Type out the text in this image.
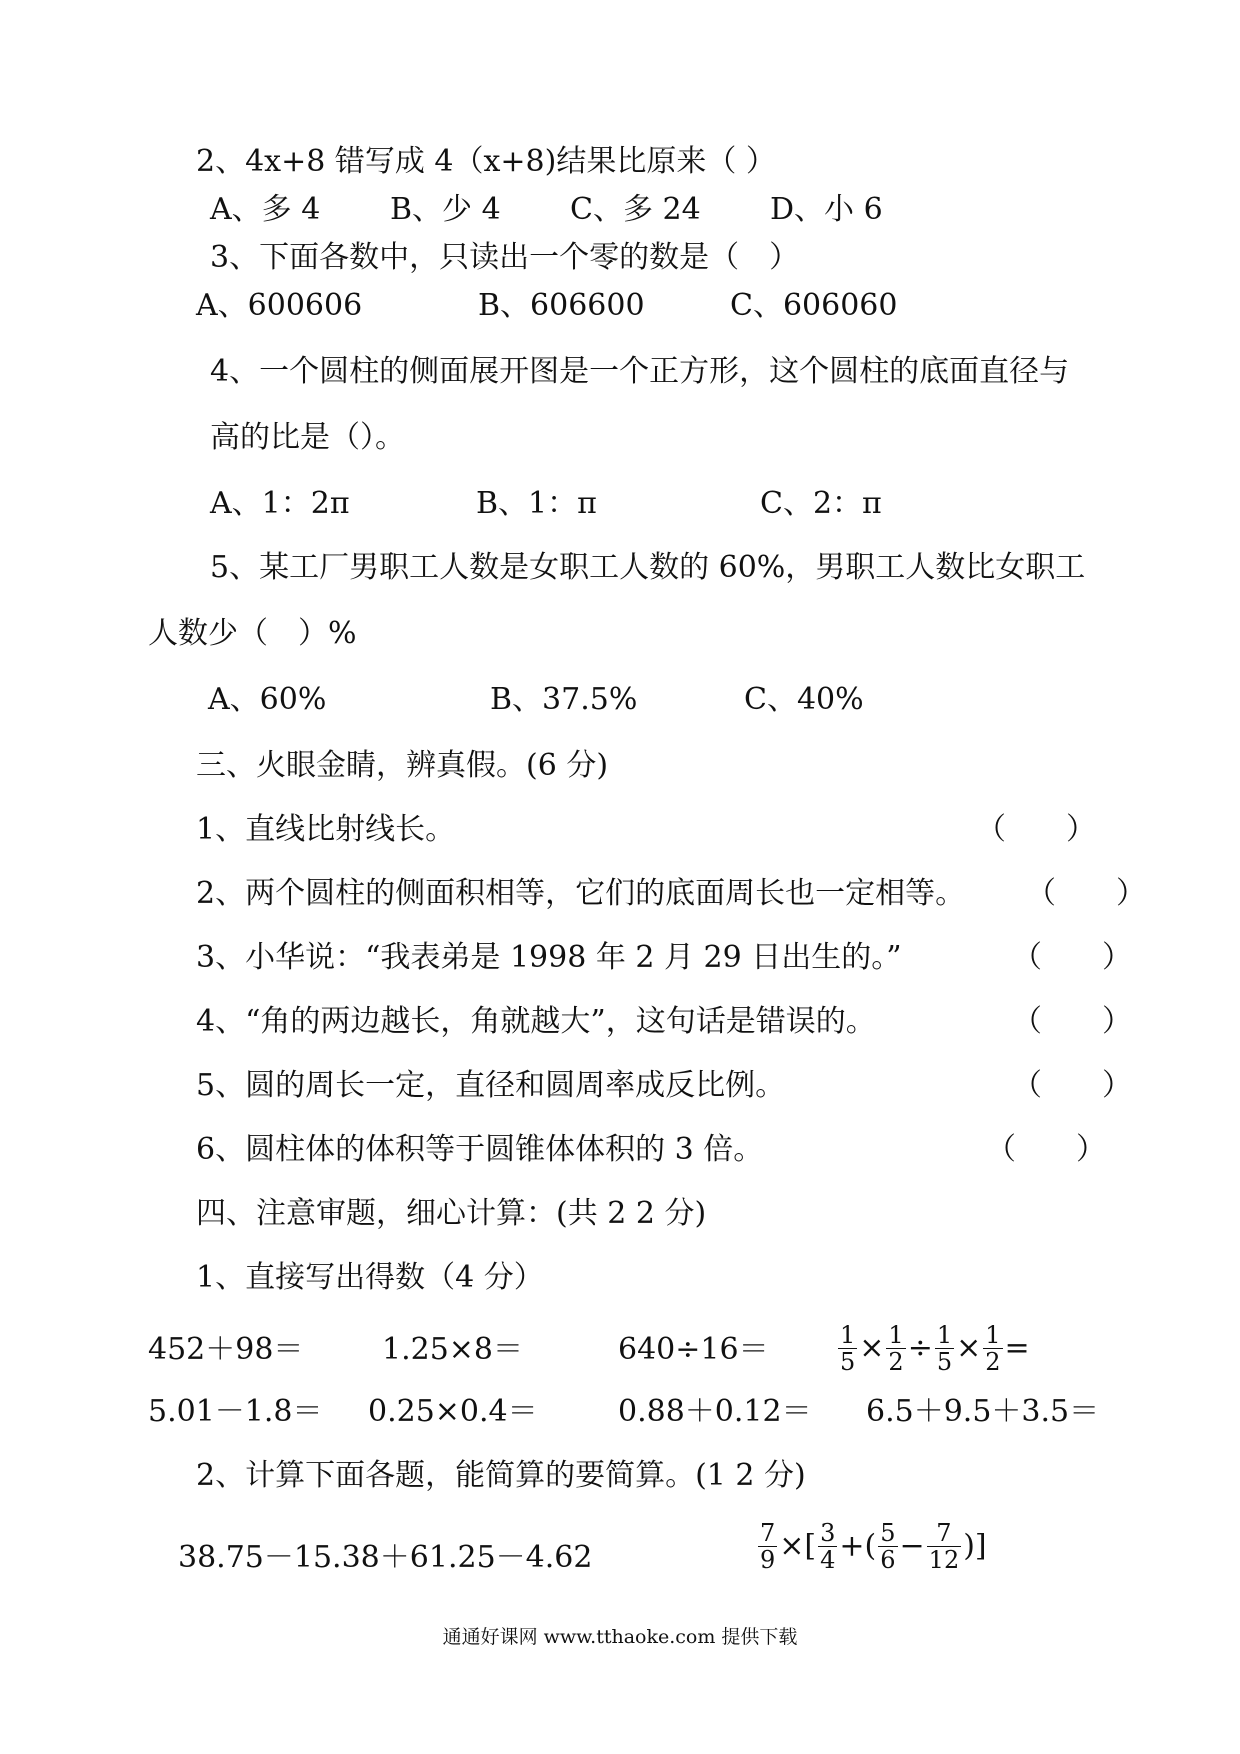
2、4x+8 错写成 4（x+8)结果比原来（ ）
A、多 4 B、少 4 C、多 24 D、小 6
3、下面各数中，只读出一个零的数是（　）
A、600606	B、606600	C、606060
4、一个圆柱的侧面展开图是一个正方形，这个圆柱的底面直径与
高的比是（）。
A、1：2π	B、1：π	C、2：π
5、某工厂男职工人数是女职工人数的 60%，男职工人数比女职工
人数少（　）%
A、60%	B、37.5%	C、40%
三、火眼金睛，辨真假。(6 分)
1、直线比射线长。	（　　）
2、两个圆柱的侧面积相等，它们的底面周长也一定相等。 （　　）
3、小华说：“我表弟是 1998 年 2 月 29 日出生的。”	（　　）
4、“角的两边越长，角就越大”，这句话是错误的。	（　　）
5、圆的周长一定，直径和圆周率成反比例。	（　　）
6、圆柱体的体积等于圆锥体体积的 3 倍。	（　　）
四、注意审题，细心计算：(共 2 2 分)
1、直接写出得数（4 分）
452＋98＝	1.25×8＝	640÷16＝	$\frac{1}{5} \times \frac{1}{2} \div \frac{1}{5} \times \frac{1}{2}$ =
5.01－1.8＝ 0.25×0.4＝	0.88＋0.12＝ 6.5＋9.5＋3.5＝
2、计算下面各题，能简算的要简算。(1 2 分)
38.75－15.38＋61.25－4.62	$\frac{7}{9}$ ×[ $\frac{3}{4}$ +( $\frac{5}{6} - \frac{7}{12}$ )]
通通好课网 www.tthaoke.com 提供下载
